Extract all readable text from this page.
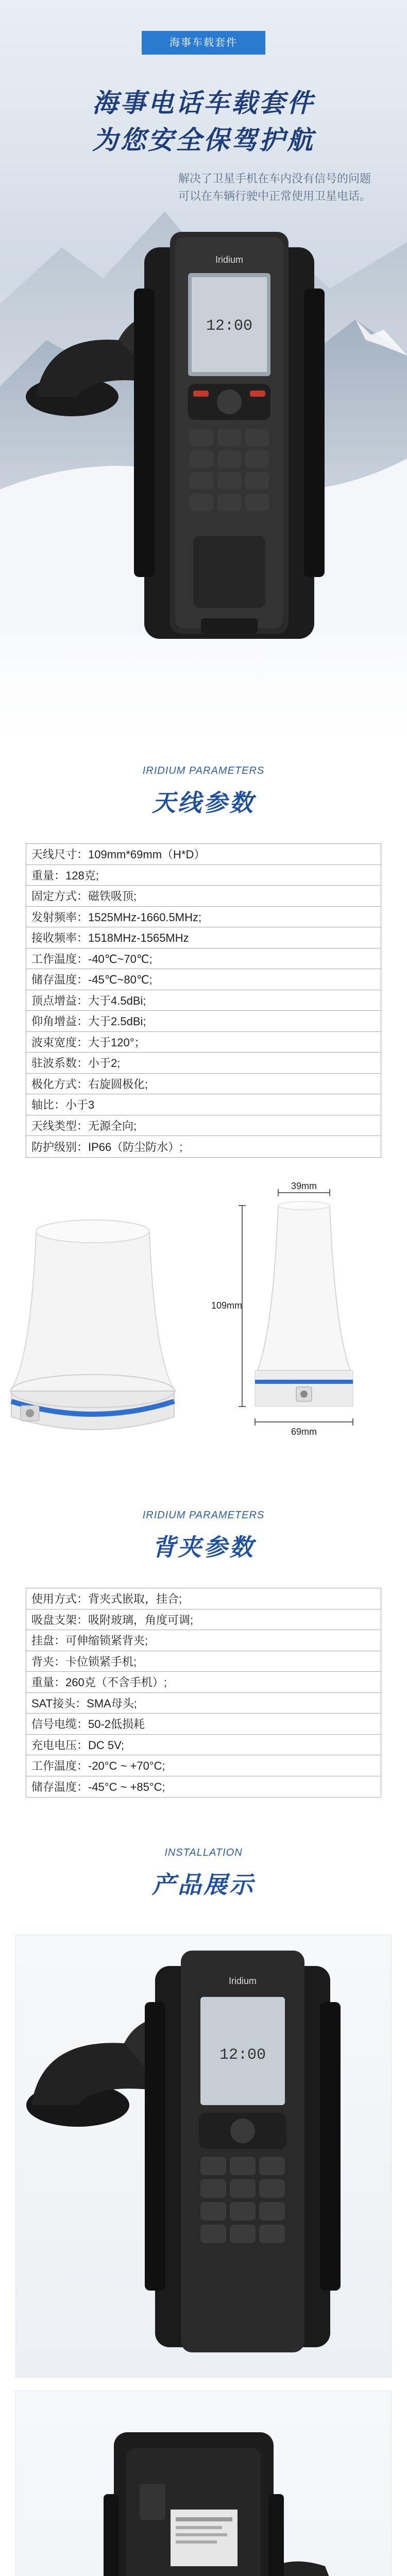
海事车载套件
海事电话车载套件
为您安全保驾护航
解决了卫星手机在车内没有信号的问题
可以在车辆行驶中正常使用卫星电话。
Iridium
12:00
IRIDIUM PARAMETERS
天线参数
天线尺寸：109mm*69mm（H*D）
重量：128克;
固定方式：磁铁吸顶;
发射频率：1525MHz-1660.5MHz;
接收频率：1518MHz-1565MHz
工作温度：-40℃~70℃;
储存温度：-45℃~80℃;
顶点增益：大于4.5dBi;
仰角增益：大于2.5dBi;
波束宽度：大于120°；
驻波系数：小于2;
极化方式：右旋圆极化;
轴比：小于3
天线类型：无源全向;
防护级别：IP66（防尘防水）;
39mm
109mm
69mm
IRIDIUM PARAMETERS
背夹参数
使用方式：背夹式嵌取，挂合;
吸盘支架：吸附玻璃，角度可调;
挂盘：可伸缩锁紧背夹;
背夹：卡位锁紧手机;
重量：260克（不含手机）;
SAT接头：SMA母头;
信号电缆：50-2低损耗
充电电压：DC 5V;
工作温度：-20°C ~ +70°C;
储存温度：-45°C ~ +85°C;
INSTALLATION
产品展示
12:00
Iridium
